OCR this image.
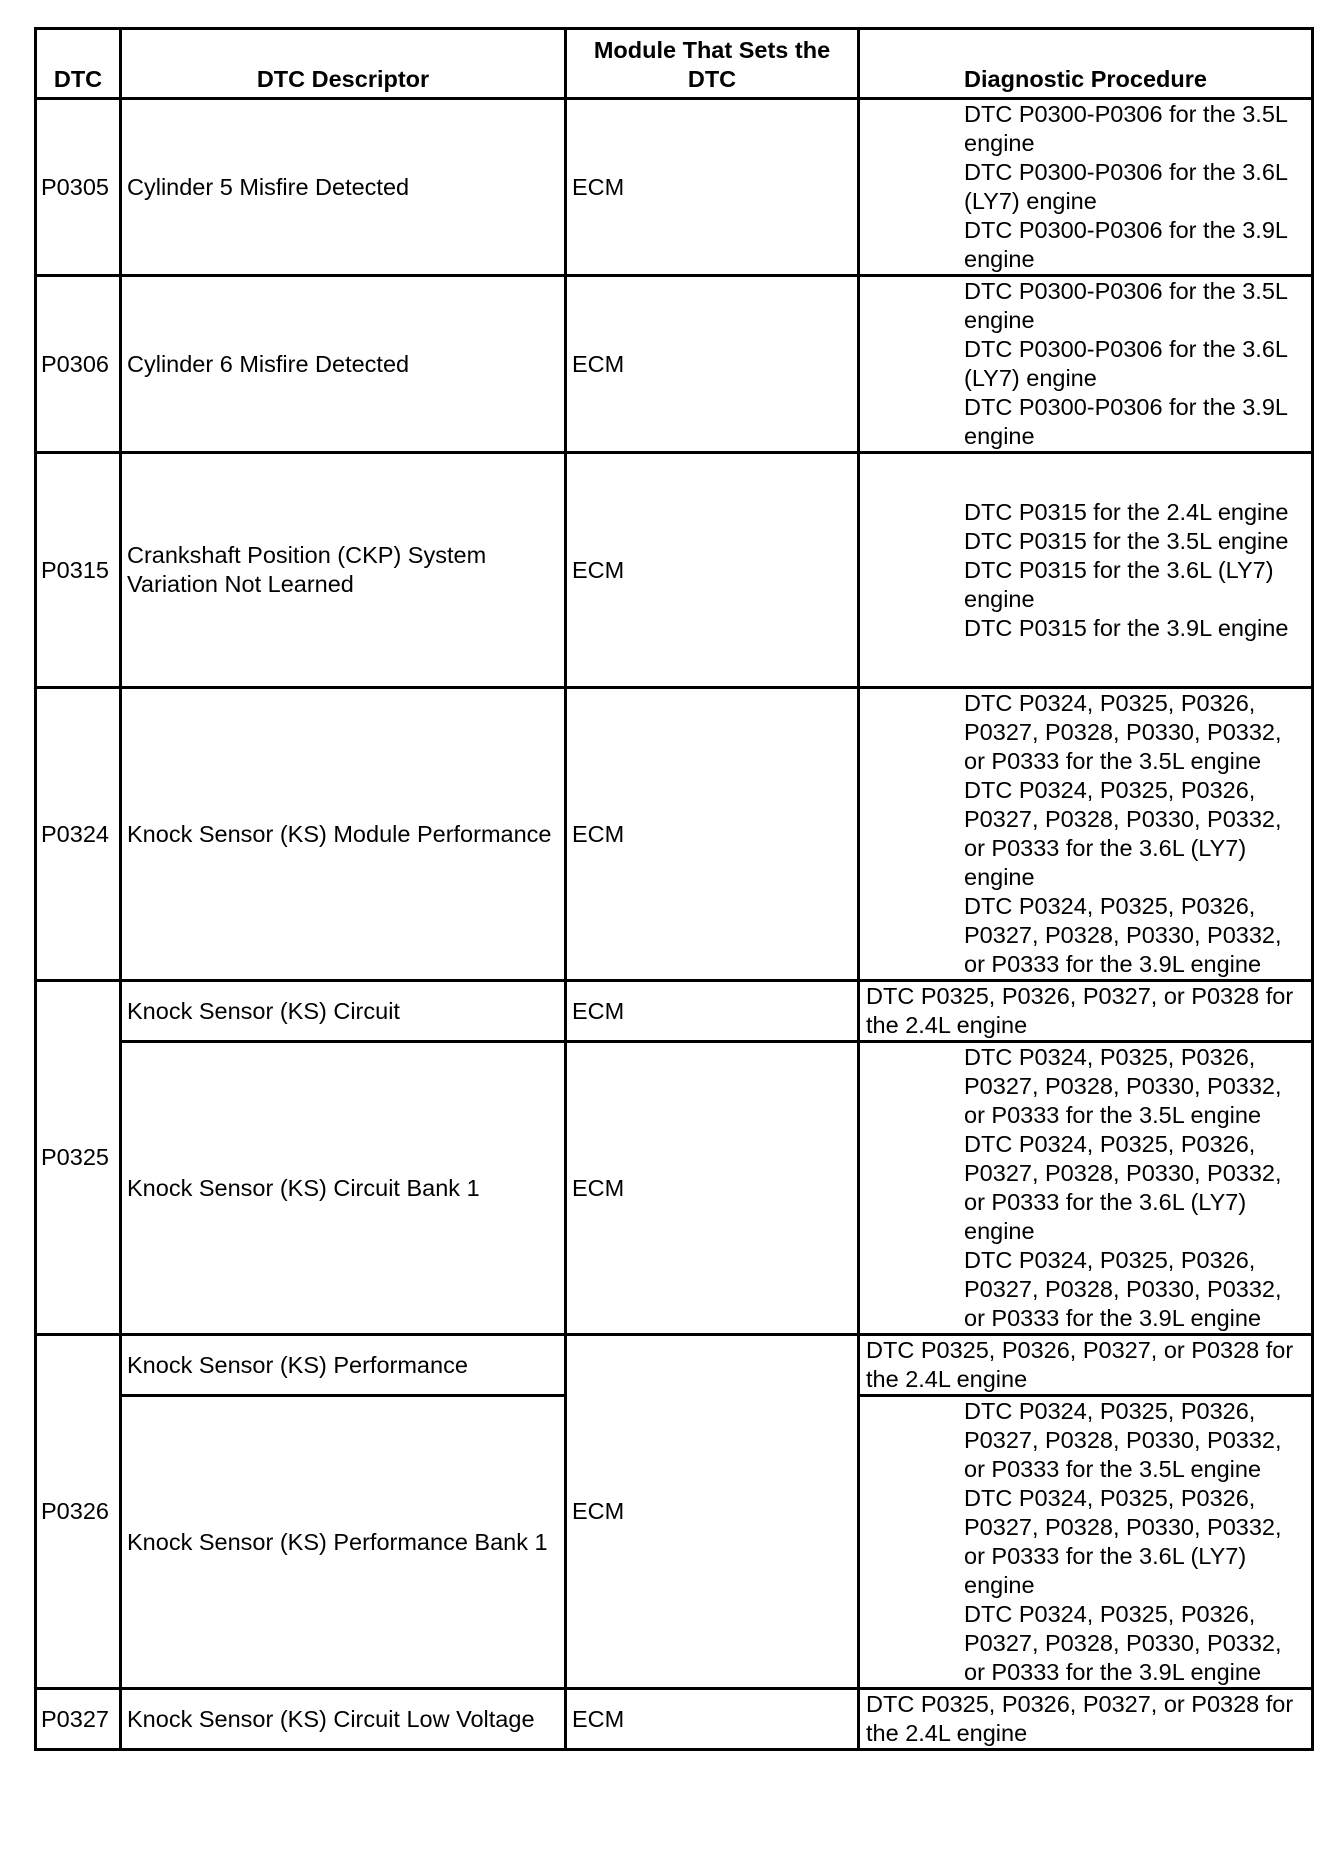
DTC	DTC Descriptor	Module That Sets the DTC	Diagnostic Procedure
P0305	Cylinder 5 Misfire Detected	ECM	DTC P0300-P0306 for the 3.5L engine
DTC P0300-P0306 for the 3.6L (LY7) engine
DTC P0300-P0306 for the 3.9L engine

P0306	Cylinder 6 Misfire Detected	ECM	DTC P0300-P0306 for the 3.5L engine
DTC P0300-P0306 for the 3.6L (LY7) engine
DTC P0300-P0306 for the 3.9L engine

P0315	Crankshaft Position (CKP) System Variation Not Learned	ECM	DTC P0315 for the 2.4L engine
DTC P0315 for the 3.5L engine
DTC P0315 for the 3.6L (LY7) engine
DTC P0315 for the 3.9L engine

P0324	Knock Sensor (KS) Module Performance	ECM	DTC P0324, P0325, P0326, P0327, P0328, P0330, P0332, or P0333 for the 3.5L engine
DTC P0324, P0325, P0326, P0327, P0328, P0330, P0332, or P0333 for the 3.6L (LY7) engine
DTC P0324, P0325, P0326, P0327, P0328, P0330, P0332, or P0333 for the 3.9L engine

P0325	Knock Sensor (KS) Circuit	ECM	DTC P0325, P0326, P0327, or P0328 for the 2.4L engine

	Knock Sensor (KS) Circuit Bank 1	ECM	DTC P0324, P0325, P0326, P0327, P0328, P0330, P0332, or P0333 for the 3.5L engine
DTC P0324, P0325, P0326, P0327, P0328, P0330, P0332, or P0333 for the 3.6L (LY7) engine
DTC P0324, P0325, P0326, P0327, P0328, P0330, P0332, or P0333 for the 3.9L engine

P0326	Knock Sensor (KS) Performance	ECM	DTC P0325, P0326, P0327, or P0328 for the 2.4L engine

	Knock Sensor (KS) Performance Bank 1		DTC P0324, P0325, P0326, P0327, P0328, P0330, P0332, or P0333 for the 3.5L engine
DTC P0324, P0325, P0326, P0327, P0328, P0330, P0332, or P0333 for the 3.6L (LY7) engine
DTC P0324, P0325, P0326, P0327, P0328, P0330, P0332, or P0333 for the 3.9L engine

P0327	Knock Sensor (KS) Circuit Low Voltage	ECM	DTC P0325, P0326, P0327, or P0328 for the 2.4L engine
